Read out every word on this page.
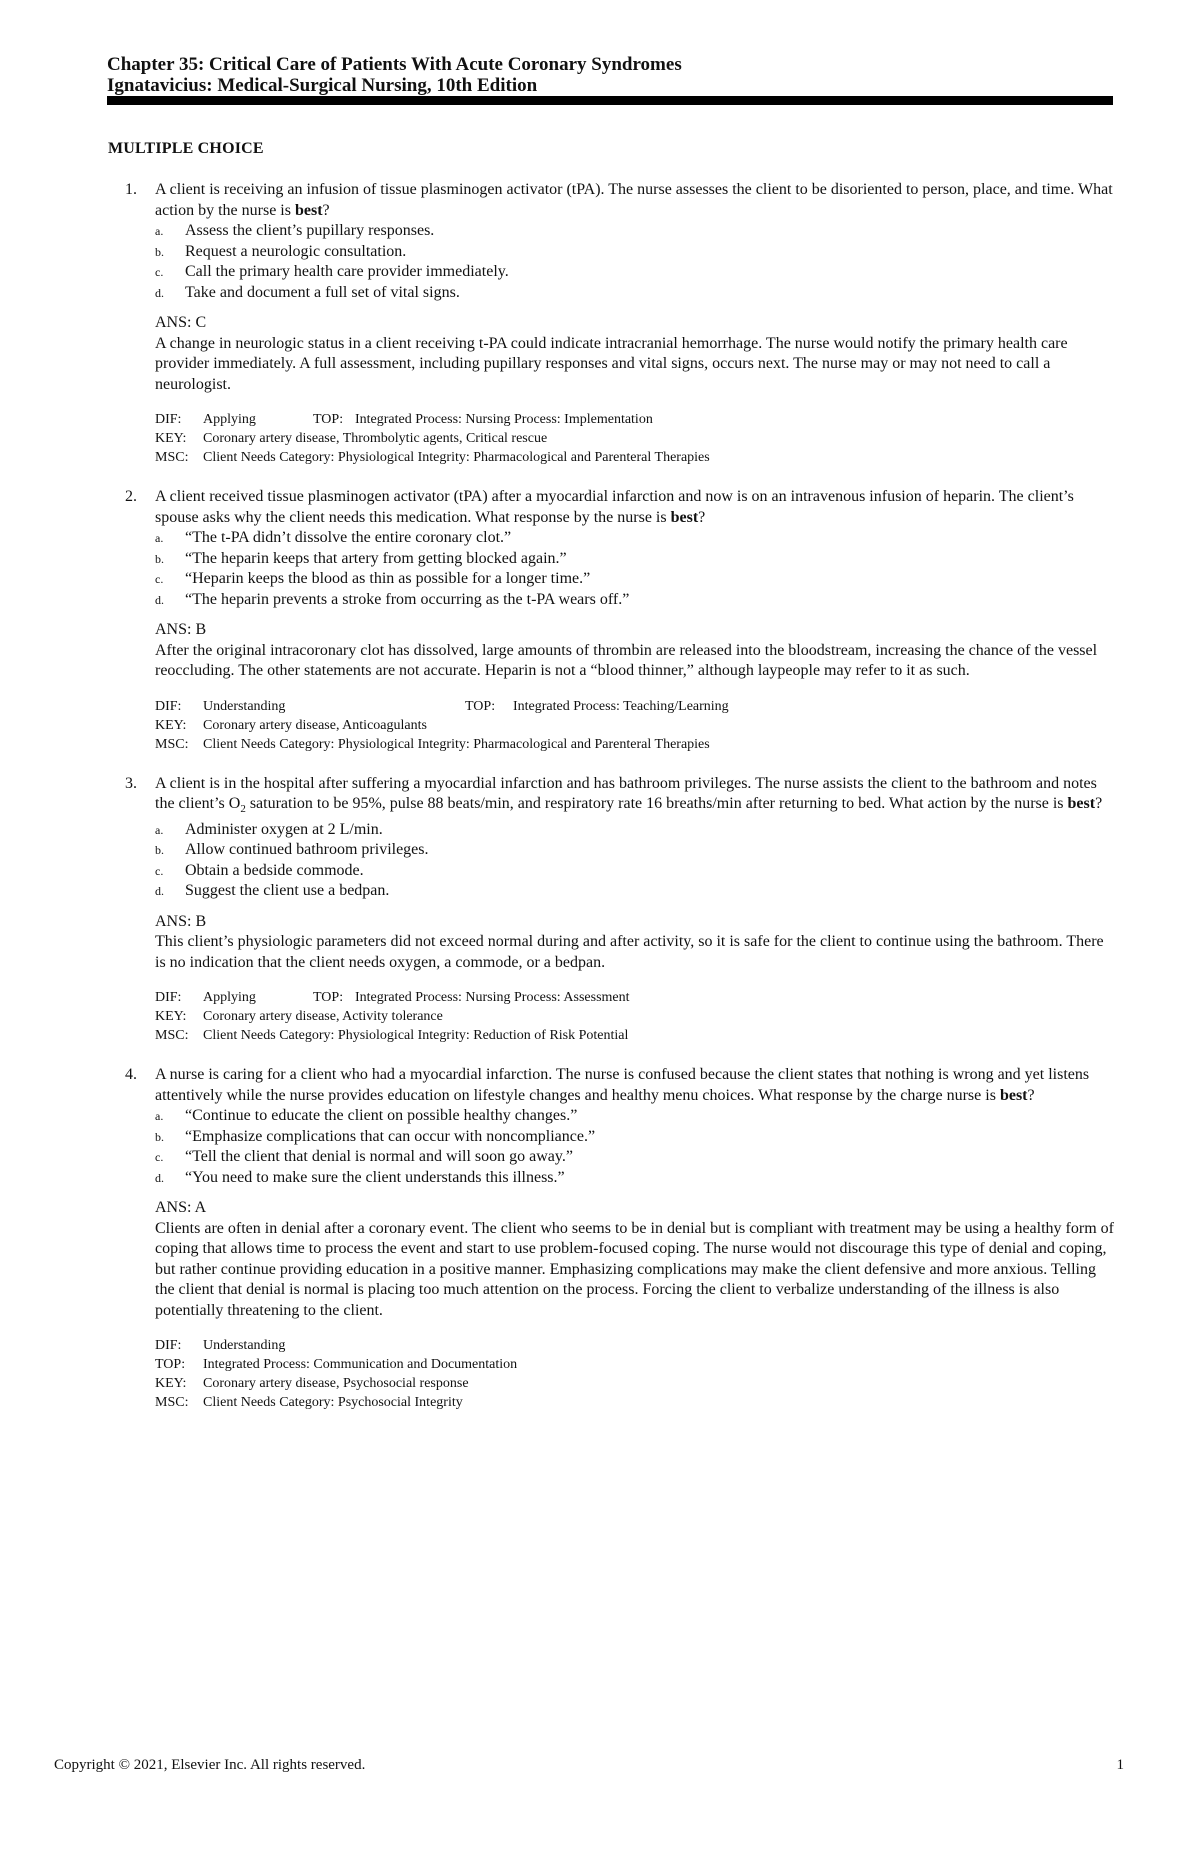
Chapter 35: Critical Care of Patients With Acute Coronary Syndromes
Ignatavicius: Medical-Surgical Nursing, 10th Edition
MULTIPLE CHOICE
1.	A client is receiving an infusion of tissue plasminogen activator (tPA). The nurse assesses the client to be disoriented to person, place, and time. What action by the nurse is best?
a.	Assess the client’s pupillary responses.
b.	Request a neurologic consultation.
c.	Call the primary health care provider immediately.
d.	Take and document a full set of vital signs.
ANS: C
A change in neurologic status in a client receiving t-PA could indicate intracranial hemorrhage. The nurse would notify the primary health care provider immediately. A full assessment, including pupillary responses and vital signs, occurs next. The nurse may or may not need to call a neurologist.
DIF:	Applying	TOP: Integrated Process: Nursing Process: Implementation
KEY:	Coronary artery disease, Thrombolytic agents, Critical rescue
MSC:	Client Needs Category: Physiological Integrity: Pharmacological and Parenteral Therapies
2.	A client received tissue plasminogen activator (tPA) after a myocardial infarction and now is on an intravenous infusion of heparin. The client’s spouse asks why the client needs this medication. What response by the nurse is best?
a.	“The t-PA didn’t dissolve the entire coronary clot.”
b.	“The heparin keeps that artery from getting blocked again.”
c.	“Heparin keeps the blood as thin as possible for a longer time.”
d.	“The heparin prevents a stroke from occurring as the t-PA wears off.”
ANS: B
After the original intracoronary clot has dissolved, large amounts of thrombin are released into the bloodstream, increasing the chance of the vessel reoccluding. The other statements are not accurate. Heparin is not a “blood thinner,” although laypeople may refer to it as such.
DIF:	Understanding	TOP:	Integrated Process: Teaching/Learning
KEY:	Coronary artery disease, Anticoagulants
MSC:	Client Needs Category: Physiological Integrity: Pharmacological and Parenteral Therapies
3.	A client is in the hospital after suffering a myocardial infarction and has bathroom privileges. The nurse assists the client to the bathroom and notes the client’s $O_2$ saturation to be 95%, pulse 88 beats/min, and respiratory rate 16 breaths/min after returning to bed. What action by the nurse is best?
a.	Administer oxygen at 2 L/min.
b.	Allow continued bathroom privileges.
c.	Obtain a bedside commode.
d.	Suggest the client use a bedpan.
ANS: B
This client’s physiologic parameters did not exceed normal during and after activity, so it is safe for the client to continue using the bathroom. There is no indication that the client needs oxygen, a commode, or a bedpan.
DIF:	Applying	TOP: Integrated Process: Nursing Process: Assessment
KEY:	Coronary artery disease, Activity tolerance
MSC:	Client Needs Category: Physiological Integrity: Reduction of Risk Potential
4.	A nurse is caring for a client who had a myocardial infarction. The nurse is confused because the client states that nothing is wrong and yet listens attentively while the nurse provides education on lifestyle changes and healthy menu choices. What response by the charge nurse is best?
a.	“Continue to educate the client on possible healthy changes.”
b.	“Emphasize complications that can occur with noncompliance.”
c.	“Tell the client that denial is normal and will soon go away.”
d.	“You need to make sure the client understands this illness.”
ANS: A
Clients are often in denial after a coronary event. The client who seems to be in denial but is compliant with treatment may be using a healthy form of coping that allows time to process the event and start to use problem-focused coping. The nurse would not discourage this type of denial and coping, but rather continue providing education in a positive manner. Emphasizing complications may make the client defensive and more anxious. Telling the client that denial is normal is placing too much attention on the process. Forcing the client to verbalize understanding of the illness is also potentially threatening to the client.
DIF:	Understanding
TOP:	Integrated Process: Communication and Documentation
KEY:	Coronary artery disease, Psychosocial response
MSC:	Client Needs Category: Psychosocial Integrity
Copyright © 2021, Elsevier Inc. All rights reserved.	1
